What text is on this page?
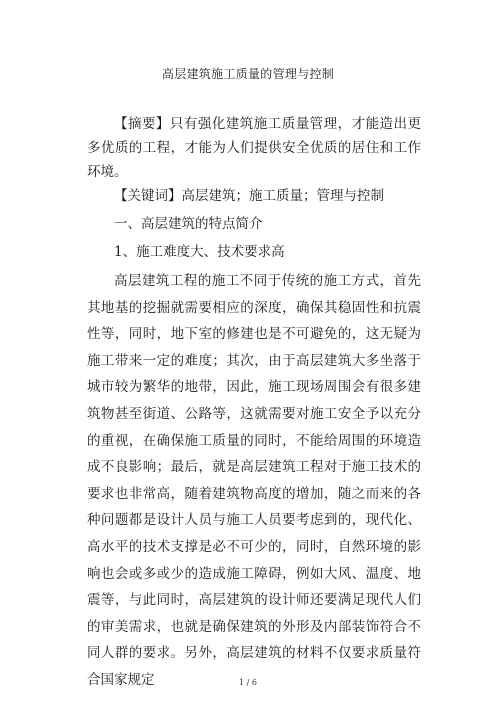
高层建筑施工质量的管理与控制
【摘要】只有强化建筑施工质量管理，才能造出更多优质的工程，才能为人们提供安全优质的居住和工作环境。
【关键词】高层建筑；施工质量；管理与控制
一、高层建筑的特点简介
1、施工难度大、技术要求高
高层建筑工程的施工不同于传统的施工方式，首先其地基的挖掘就需要相应的深度，确保其稳固性和抗震性等，同时，地下室的修建也是不可避免的，这无疑为施工带来一定的难度；其次，由于高层建筑大多坐落于城市较为繁华的地带，因此，施工现场周围会有很多建筑物甚至街道、公路等，这就需要对施工安全予以充分的重视，在确保施工质量的同时，不能给周围的环境造成不良影响；最后，就是高层建筑工程对于施工技术的要求也非常高，随着建筑物高度的增加，随之而来的各种问题都是设计人员与施工人员要考虑到的，现代化、高水平的技术支撑是必不可少的，同时，自然环境的影响也会或多或少的造成施工障碍，例如大风、温度、地震等，与此同时，高层建筑的设计师还要满足现代人们的审美需求，也就是确保建筑的外形及内部装饰符合不同人群的要求。另外，高层建筑的材料不仅要求质量符合国家规定	1 / 6
